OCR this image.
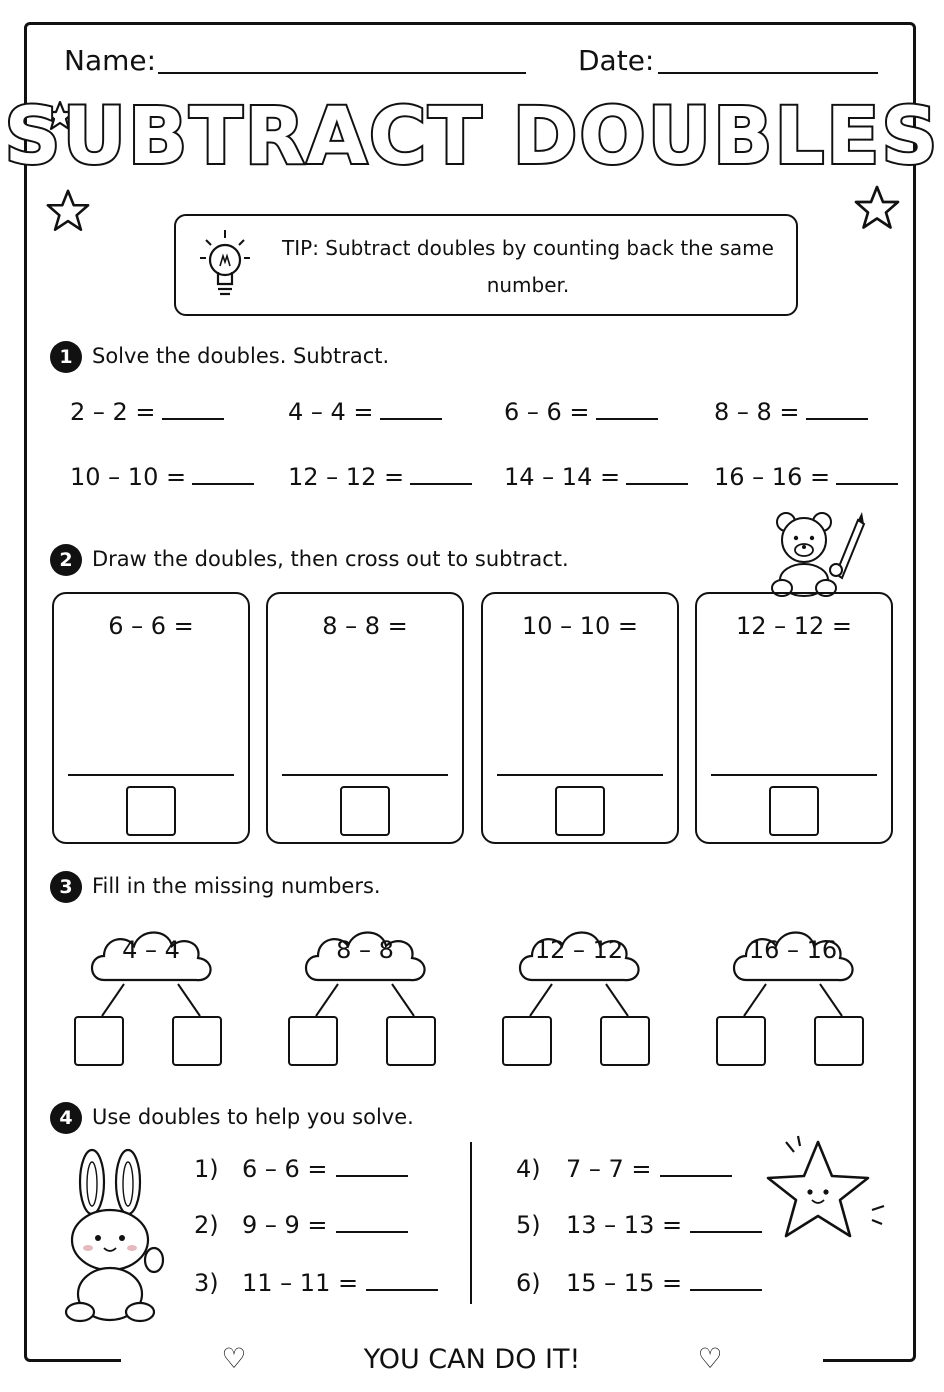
Name:	Date:
SUBTRACT DOUBLES
TIP: Subtract doubles by counting back the same number.
1 Solve the doubles. Subtract.
2 – 2 =	4 – 4 =	6 – 6 =	8 – 8 =
10 – 10 =	12 – 12 =	14 – 14 =	16 – 16 =
2 Draw the doubles, then cross out to subtract.
6 – 6 =	8 – 8 =	10 – 10 =	12 – 12 =
3 Fill in the missing numbers.
4 – 4	8 – 8	12 – 12	16 – 16
4 Use doubles to help you solve.
1) 6 – 6 =
2) 9 – 9 =
3) 11 – 11 =
4) 7 – 7 =
5) 13 – 13 =
6) 15 – 15 =
♡	YOU CAN DO IT!	♡
